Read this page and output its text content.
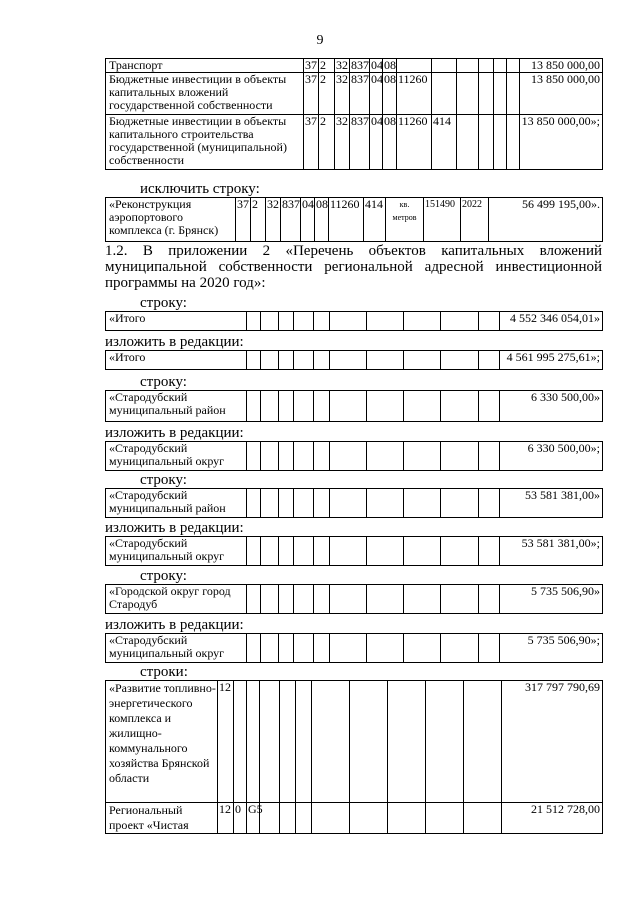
9
Транспорт	37	2	32	837	04	08							13 850 000,00
Бюджетные инвестиции в объекты капитальных вложений государственной собственности	37	2	32	837	04	08	11260						13 850 000,00
Бюджетные инвестиции в объекты капитального строительства государственной (муниципальной) собственности	37	2	32	837	04	08	11260	414					13 850 000,00»;
исключить строку:
«Реконструкция аэропортового комплекса (г. Брянск)	37	2	32	837	04	08	11260	414	кв. метров	151490	2022	56 499 195,00».
1.2. В приложении 2 «Перечень объектов капитальных вложений
муниципальной собственности региональной адресной инвестиционной
программы на 2020 год»:
строку:
«Итого											4 552 346 054,01»
изложить в редакции:
«Итого											4 561 995 275,61»;
строку:
«Стародубский муниципальный район											6 330 500,00»
изложить в редакции:
«Стародубский муниципальный округ											6 330 500,00»;
строку:
«Стародубский муниципальный район											53 581 381,00»
изложить в редакции:
«Стародубский муниципальный округ											53 581 381,00»;
строку:
«Городской округ город Стародуб											5 735 506,90»
изложить в редакции:
«Стародубский муниципальный округ											5 735 506,90»;
строки:
«Развитие топливно-энергетического комплекса и жилищно-коммунального хозяйства Брянской области	12											317 797 790,69
Региональный проект «Чистая	12	0	G5									21 512 728,00
